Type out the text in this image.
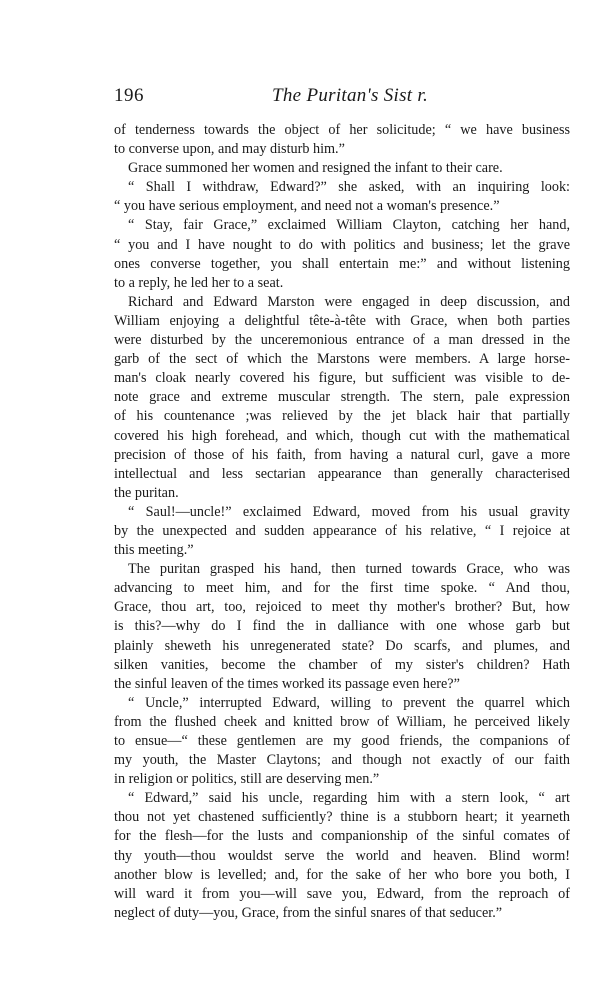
196	The Puritan's Sist r.
of tenderness towards the object of her solicitude; “ we have business
to converse upon, and may disturb him.”
Grace summoned her women and resigned the infant to their care.
“ Shall I withdraw, Edward?” she asked, with an inquiring look:
“ you have serious employment, and need not a woman's presence.”
“ Stay, fair Grace,” exclaimed William Clayton, catching her hand,
“ you and I have nought to do with politics and business; let the grave
ones converse together, you shall entertain me:” and without listening
to a reply, he led her to a seat.
Richard and Edward Marston were engaged in deep discussion, and
William enjoying a delightful tête-à-tête with Grace, when both parties
were disturbed by the unceremonious entrance of a man dressed in the
garb of the sect of which the Marstons were members. A large horse-
man's cloak nearly covered his figure, but sufficient was visible to de-
note grace and extreme muscular strength. The stern, pale expression
of his countenance ;was relieved by the jet black hair that partially
covered his high forehead, and which, though cut with the mathematical
precision of those of his faith, from having a natural curl, gave a more
intellectual and less sectarian appearance than generally characterised
the puritan.
“ Saul!—uncle!” exclaimed Edward, moved from his usual gravity
by the unexpected and sudden appearance of his relative, “ I rejoice at
this meeting.”
The puritan grasped his hand, then turned towards Grace, who was
advancing to meet him, and for the first time spoke. “ And thou,
Grace, thou art, too, rejoiced to meet thy mother's brother? But, how
is this?—why do I find the in dalliance with one whose garb but
plainly sheweth his unregenerated state? Do scarfs, and plumes, and
silken vanities, become the chamber of my sister's children? Hath
the sinful leaven of the times worked its passage even here?”
“ Uncle,” interrupted Edward, willing to prevent the quarrel which
from the flushed cheek and knitted brow of William, he perceived likely
to ensue—“ these gentlemen are my good friends, the companions of
my youth, the Master Claytons; and though not exactly of our faith
in religion or politics, still are deserving men.”
“ Edward,” said his uncle, regarding him with a stern look, “ art
thou not yet chastened sufficiently? thine is a stubborn heart; it yearneth
for the flesh—for the lusts and companionship of the sinful comates of
thy youth—thou wouldst serve the world and heaven. Blind worm!
another blow is levelled; and, for the sake of her who bore you both, I
will ward it from you—will save you, Edward, from the reproach of
neglect of duty—you, Grace, from the sinful snares of that seducer.”
